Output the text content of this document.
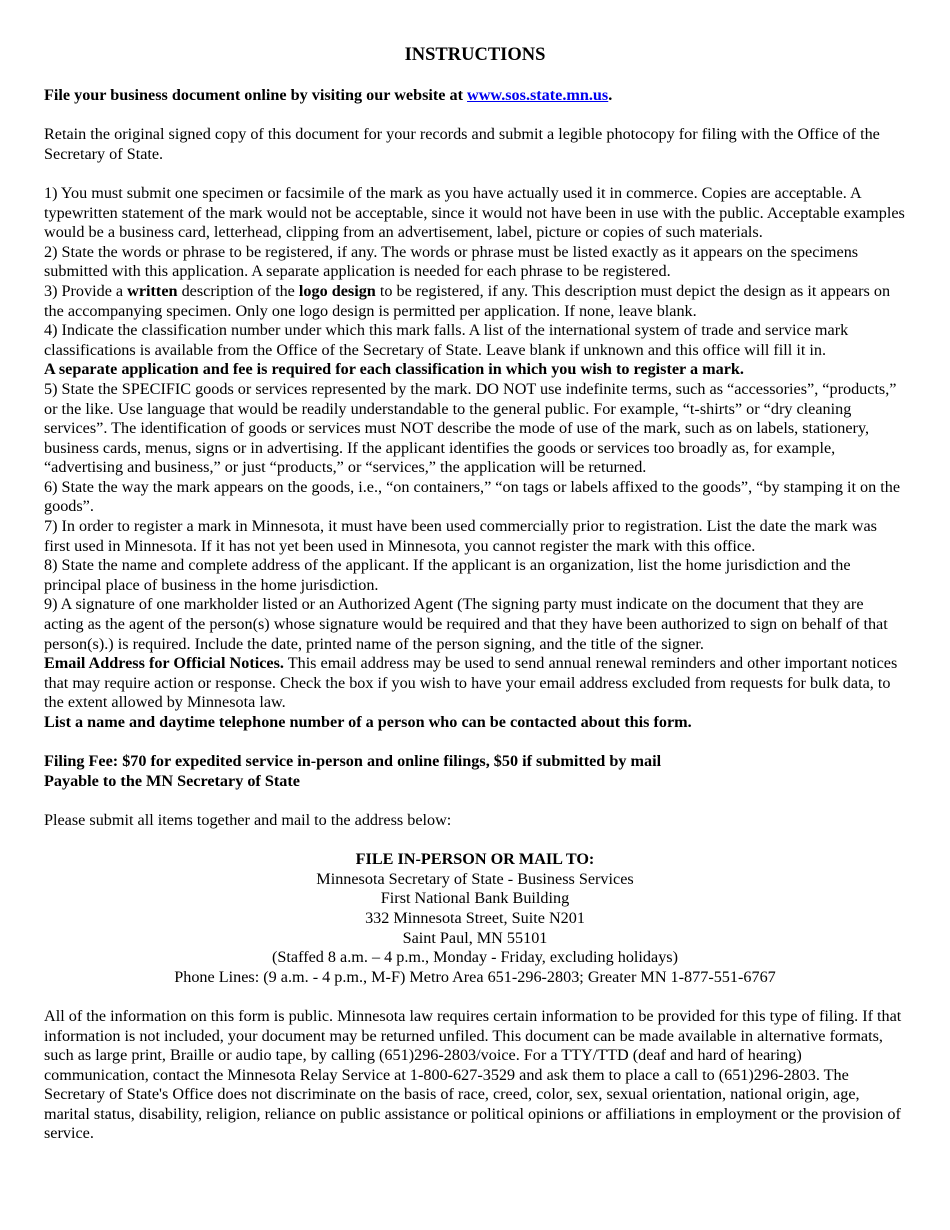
INSTRUCTIONS

File your business document online by visiting our website at www.sos.state.mn.us.

Retain the original signed copy of this document for your records and submit a legible photocopy for filing with the Office of the Secretary of State.

1) You must submit one specimen or facsimile of the mark as you have actually used it in commerce. Copies are acceptable. A typewritten statement of the mark would not be acceptable, since it would not have been in use with the public. Acceptable examples would be a business card, letterhead, clipping from an advertisement, label, picture or copies of such materials.

2) State the words or phrase to be registered, if any. The words or phrase must be listed exactly as it appears on the specimens submitted with this application. A separate application is needed for each phrase to be registered.

3) Provide a written description of the logo design to be registered, if any. This description must depict the design as it appears on the accompanying specimen. Only one logo design is permitted per application. If none, leave blank.

4) Indicate the classification number under which this mark falls. A list of the international system of trade and service mark classifications is available from the Office of the Secretary of State. Leave blank if unknown and this office will fill it in.

A separate application and fee is required for each classification in which you wish to register a mark.

5) State the SPECIFIC goods or services represented by the mark. DO NOT use indefinite terms, such as “accessories”, “products,” or the like. Use language that would be readily understandable to the general public. For example, “t-shirts” or “dry cleaning services”. The identification of goods or services must NOT describe the mode of use of the mark, such as on labels, stationery, business cards, menus, signs or in advertising. If the applicant identifies the goods or services too broadly as, for example, “advertising and business,” or just “products,” or “services,” the application will be returned.

6) State the way the mark appears on the goods, i.e., “on containers,” “on tags or labels affixed to the goods”, “by stamping it on the goods”.

7) In order to register a mark in Minnesota, it must have been used commercially prior to registration. List the date the mark was first used in Minnesota. If it has not yet been used in Minnesota, you cannot register the mark with this office.

8) State the name and complete address of the applicant. If the applicant is an organization, list the home jurisdiction and the principal place of business in the home jurisdiction.

9) A signature of one markholder listed or an Authorized Agent (The signing party must indicate on the document that they are acting as the agent of the person(s) whose signature would be required and that they have been authorized to sign on behalf of that person(s).) is required. Include the date, printed name of the person signing, and the title of the signer.

Email Address for Official Notices. This email address may be used to send annual renewal reminders and other important notices that may require action or response. Check the box if you wish to have your email address excluded from requests for bulk data, to the extent allowed by Minnesota law.

List a name and daytime telephone number of a person who can be contacted about this form.

Filing Fee: $70 for expedited service in-person and online filings, $50 if submitted by mail

Payable to the MN Secretary of State

Please submit all items together and mail to the address below:

FILE IN-PERSON OR MAIL TO:

Minnesota Secretary of State - Business Services

First National Bank Building

332 Minnesota Street, Suite N201

Saint Paul, MN 55101

(Staffed 8 a.m. – 4 p.m., Monday - Friday, excluding holidays)

Phone Lines: (9 a.m. - 4 p.m., M-F) Metro Area 651-296-2803; Greater MN 1-877-551-6767

All of the information on this form is public. Minnesota law requires certain information to be provided for this type of filing. If that information is not included, your document may be returned unfiled. This document can be made available in alternative formats, such as large print, Braille or audio tape, by calling (651)296-2803/voice. For a TTY/TTD (deaf and hard of hearing) communication, contact the Minnesota Relay Service at 1-800-627-3529 and ask them to place a call to (651)296-2803. The Secretary of State's Office does not discriminate on the basis of race, creed, color, sex, sexual orientation, national origin, age, marital status, disability, religion, reliance on public assistance or political opinions or affiliations in employment or the provision of service.
